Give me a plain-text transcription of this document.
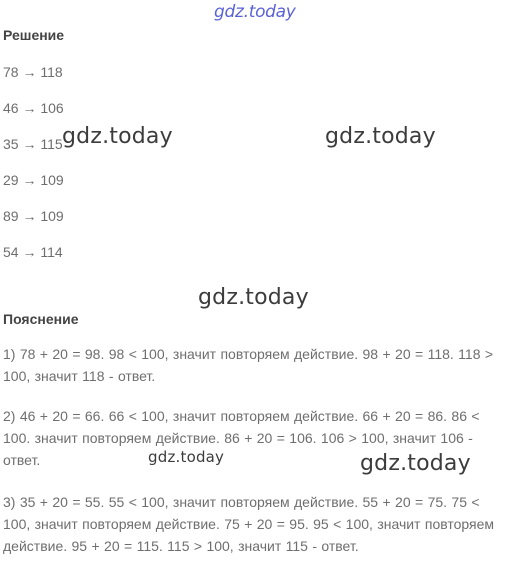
gdz.today
Решение
78 → 118
46 → 106
35 → 115
29 → 109
89 → 109
54 → 114
gdz.today	gdz.today
gdz.today
Пояснение
1) 78 + 20 = 98. 98 < 100, значит повторяем действие. 98 + 20 = 118. 118 > 100, значит 118 - ответ.
2) 46 + 20 = 66. 66 < 100, значит повторяем действие. 66 + 20 = 86. 86 < 100. значит повторяем действие. 86 + 20 = 106. 106 > 100, значит 106 - ответ.
3) 35 + 20 = 55. 55 < 100, значит повторяем действие. 55 + 20 = 75. 75 < 100, значит повторяем действие. 75 + 20 = 95. 95 < 100, значит повторяем действие. 95 + 20 = 115. 115 > 100, значит 115 - ответ.
gdz.today	gdz.today
